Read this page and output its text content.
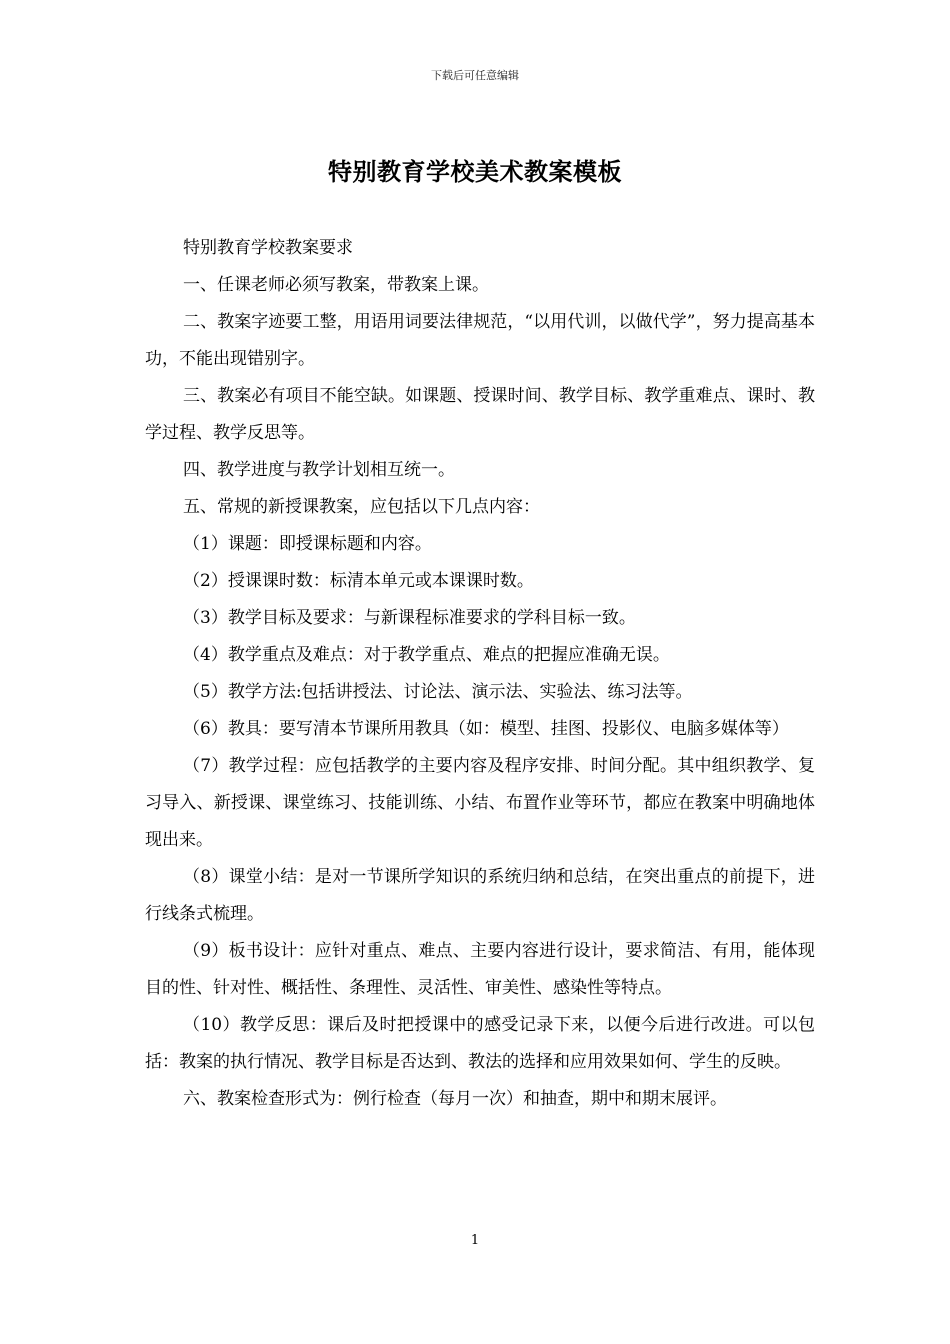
下载后可任意编辑
特别教育学校美术教案模板

特别教育学校教案要求

一、任课老师必须写教案，带教案上课。

二、教案字迹要工整，用语用词要法律规范，“以用代训，以做代学”，努力提高基本功，不能出现错别字。

三、教案必有项目不能空缺。如课题、授课时间、教学目标、教学重难点、课时、教学过程、教学反思等。

四、教学进度与教学计划相互统一。

五、常规的新授课教案，应包括以下几点内容：

（1）课题：即授课标题和内容。

（2）授课课时数：标清本单元或本课课时数。

（3）教学目标及要求：与新课程标准要求的学科目标一致。

（4）教学重点及难点：对于教学重点、难点的把握应准确无误。

（5）教学方法:包括讲授法、讨论法、演示法、实验法、练习法等。

（6）教具：要写清本节课所用教具（如：模型、挂图、投影仪、电脑多媒体等）

（7）教学过程：应包括教学的主要内容及程序安排、时间分配。其中组织教学、复习导入、新授课、课堂练习、技能训练、小结、布置作业等环节，都应在教案中明确地体现出来。

（8）课堂小结：是对一节课所学知识的系统归纳和总结，在突出重点的前提下，进行线条式梳理。

（9）板书设计：应针对重点、难点、主要内容进行设计，要求简洁、有用，能体现目的性、针对性、概括性、条理性、灵活性、审美性、感染性等特点。

（10）教学反思：课后及时把授课中的感受记录下来，以便今后进行改进。可以包括：教案的执行情况、教学目标是否达到、教法的选择和应用效果如何、学生的反映。

六、教案检查形式为：例行检查（每月一次）和抽查，期中和期末展评。

1
